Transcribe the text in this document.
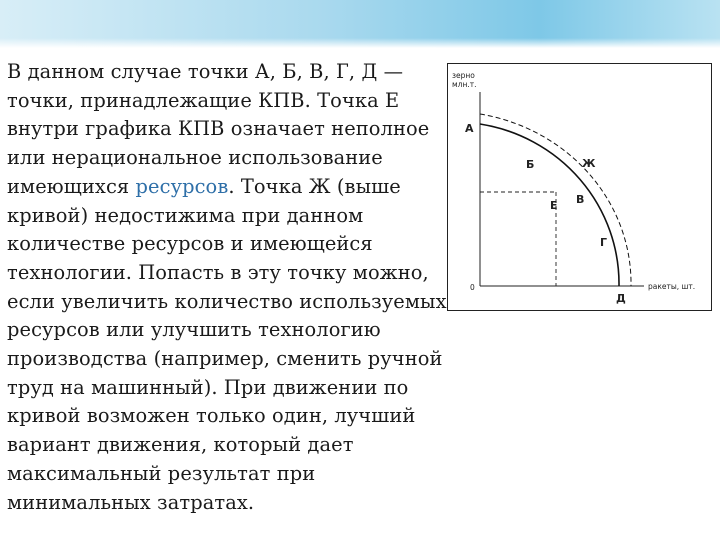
В данном случае точки А, Б, В, Г, Д — точки, принадлежащие КПВ. Точка Е внутри графика КПВ означает неполное или нерациональное использование имеющихся ресурсов. Точка Ж (выше кривой) недостижима при данном количестве ресурсов и имеющейся технологии. Попасть в эту точку можно, если увеличить количество используемых ресурсов или улучшить технологию производства (например, сменить ручной труд на машинный). При движении по кривой возможен только один, лучший вариант движения, который дает максимальный результат при минимальных затратах.

зерно
млн.т.
ракеты, шт.
0
А
Б	Ж
Е В
Г
Д
